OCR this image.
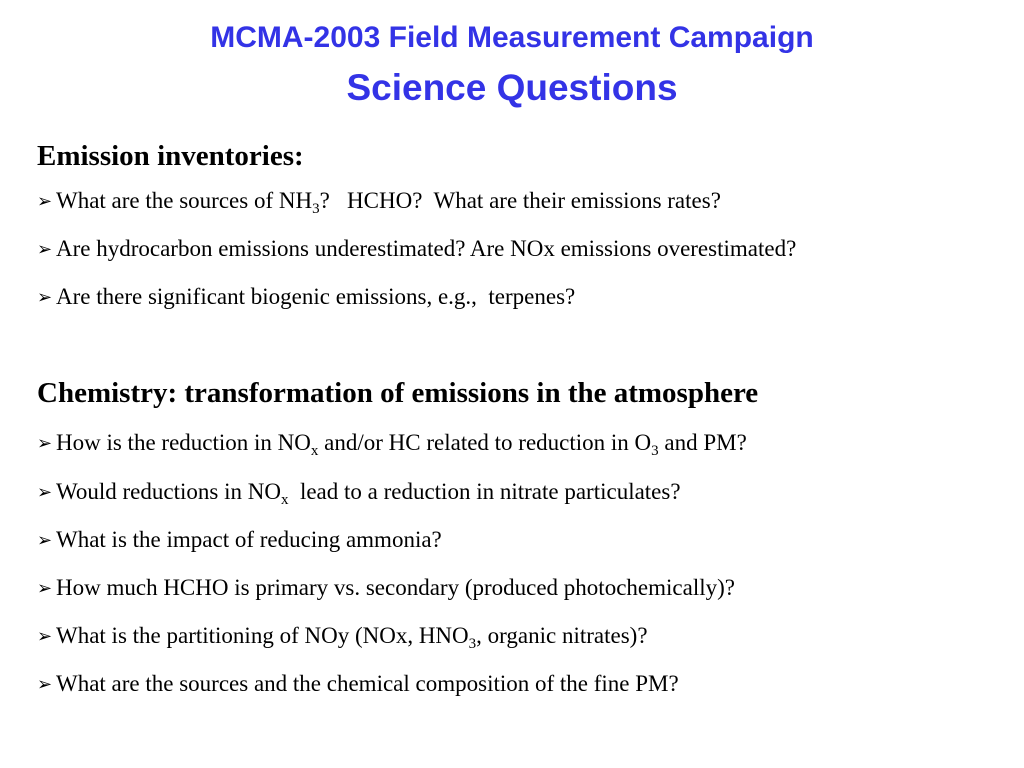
MCMA-2003 Field Measurement Campaign
Science Questions
Emission inventories:
➢ What are the sources of $NH_3$?   HCHO?  What are their emissions rates?
➢ Are hydrocarbon emissions underestimated? Are NOx emissions overestimated?
➢ Are there significant biogenic emissions, e.g.,  terpenes?
Chemistry: transformation of emissions in the atmosphere
➢ How is the reduction in $NO_x$ and/or HC related to reduction in $O_3$ and PM?
➢ Would reductions in $NO_x$  lead to a reduction in nitrate particulates?
➢ What is the impact of reducing ammonia?
➢ How much HCHO is primary vs. secondary (produced photochemically)?
➢ What is the partitioning of NOy (NOx, $HNO_3$, organic nitrates)?
➢ What are the sources and the chemical composition of the fine PM?
